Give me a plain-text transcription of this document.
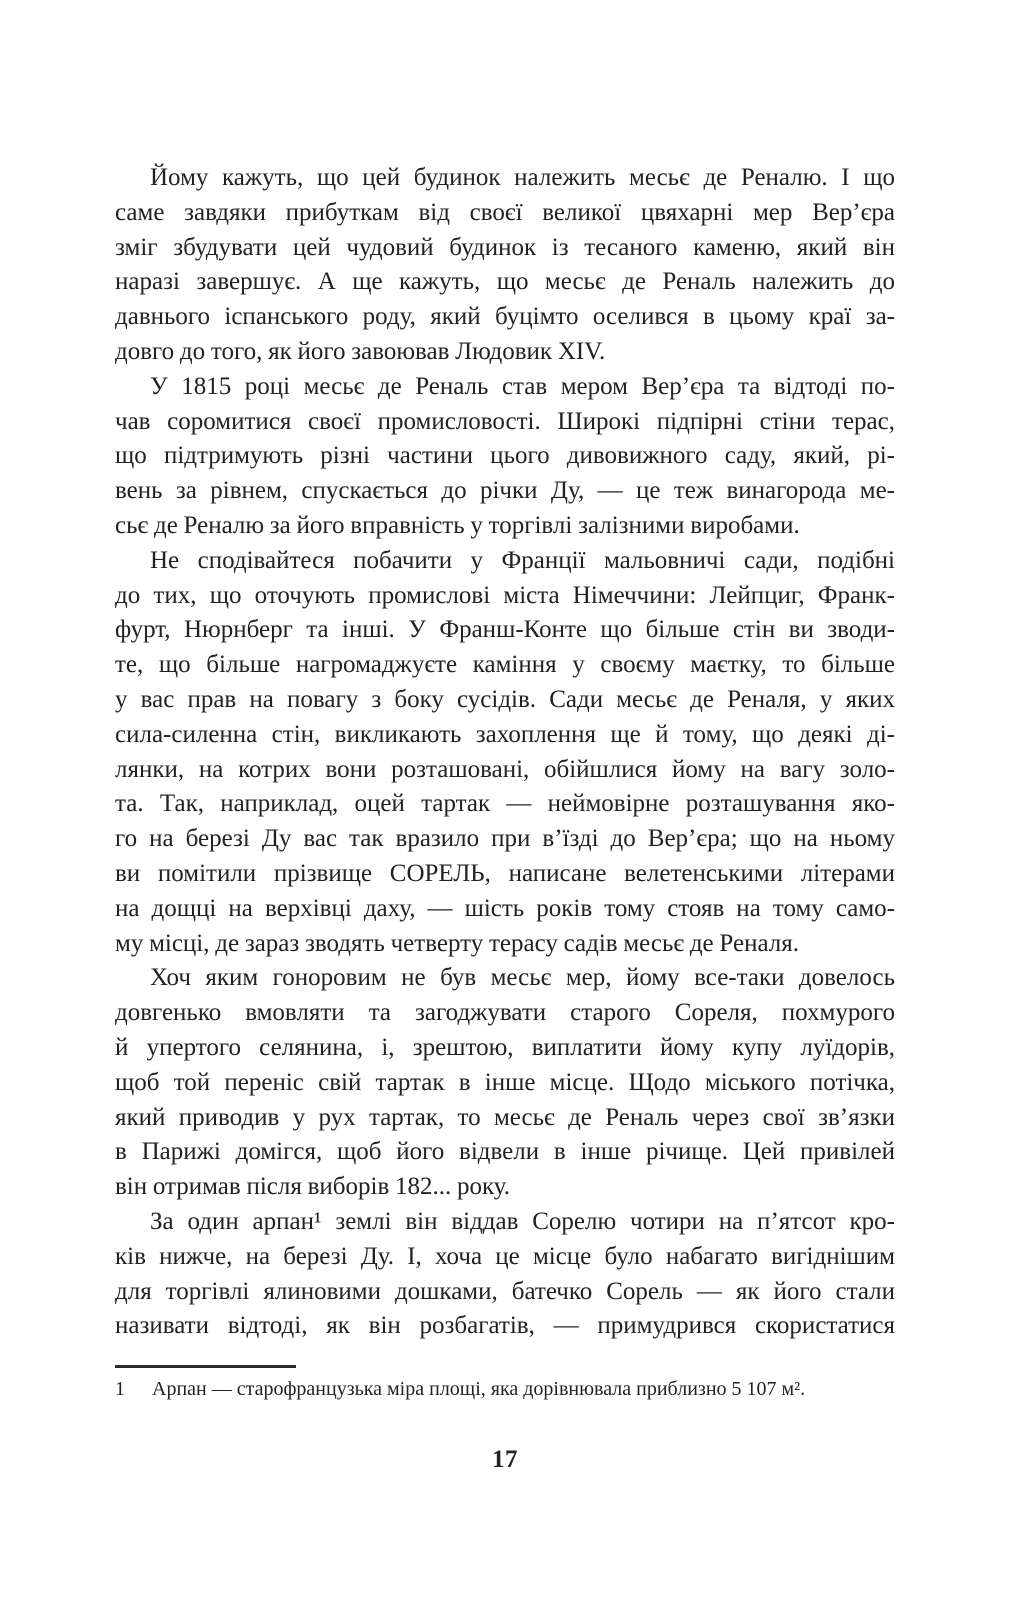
Йому кажуть, що цей будинок належить месьє де Реналю. І що
саме завдяки прибуткам від своєї великої цвяхарні мер Вер’єра
зміг збудувати цей чудовий будинок із тесаного каменю, який він
наразі завершує. А ще кажуть, що месьє де Реналь належить до
давнього іспанського роду, який буцімто оселився в цьому краї за-
довго до того, як його завоював Людовик XIV.
У 1815 році месьє де Реналь став мером Вер’єра та відтоді по-
чав соромитися своєї промисловості. Широкі підпірні стіни терас,
що підтримують різні частини цього дивовижного саду, який, рі-
вень за рівнем, спускається до річки Ду, — це теж винагорода ме-
сьє де Реналю за його вправність у торгівлі залізними виробами.
Не сподівайтеся побачити у Франції мальовничі сади, подібні
до тих, що оточують промислові міста Німеччини: Лейпциг, Франк-
фурт, Нюрнберг та інші. У Франш-Конте що більше стін ви зводи-
те, що більше нагромаджуєте каміння у своєму маєтку, то більше
у вас прав на повагу з боку сусідів. Сади месьє де Реналя, у яких
сила-силенна стін, викликають захоплення ще й тому, що деякі ді-
лянки, на котрих вони розташовані, обійшлися йому на вагу золо-
та. Так, наприклад, оцей тартак — неймовірне розташування яко-
го на березі Ду вас так вразило при в’їзді до Вер’єра; що на ньому
ви помітили прізвище СОРЕЛЬ, написане велетенськими літерами
на дощці на верхівці даху, — шість років тому стояв на тому само-
му місці, де зараз зводять четверту терасу садів месьє де Реналя.
Хоч яким гоноровим не був месьє мер, йому все-таки довелось
довгенько вмовляти та загоджувати старого Сореля, похмурого
й упертого селянина, і, зрештою, виплатити йому купу луїдорів,
щоб той переніс свій тартак в інше місце. Щодо міського потічка,
який приводив у рух тартак, то месьє де Реналь через свої зв’язки
в Парижі домігся, щоб його відвели в інше річище. Цей привілей
він отримав після виборів 182... року.
За один арпан¹ землі він віддав Сорелю чотири на п’ятсот кро-
ків нижче, на березі Ду. І, хоча це місце було набагато вигіднішим
для торгівлі ялиновими дошками, батечко Сорель — як його стали
називати відтоді, як він розбагатів, — примудрився скористатися
1	Арпан — старофранцузька міра площі, яка дорівнювала приблизно 5 107 м².
17
